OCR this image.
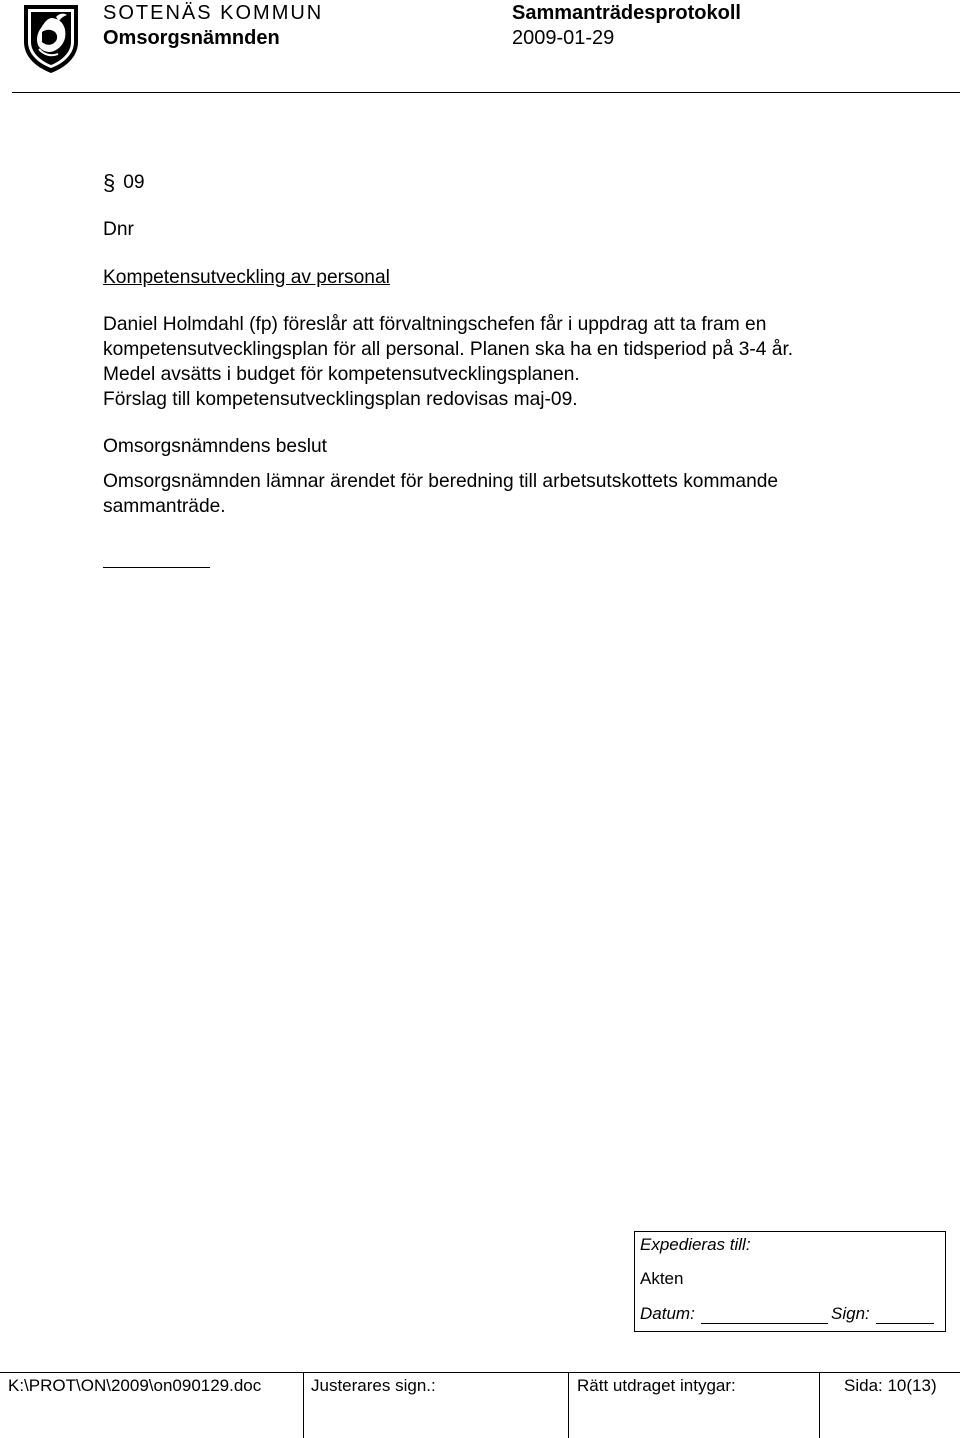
SOTENÄS KOMMUN
Omsorgsnämnden
Sammanträdesprotokoll
2009-01-29
§ 09
Dnr
Kompetensutveckling av personal
Daniel Holmdahl (fp) föreslår att förvaltningschefen får i uppdrag att ta fram en
kompetensutvecklingsplan för all personal. Planen ska ha en tidsperiod på 3-4 år.
Medel avsätts i budget för kompetensutvecklingsplanen.
Förslag till kompetensutvecklingsplan redovisas maj-09.
Omsorgsnämndens beslut
Omsorgsnämnden lämnar ärendet för beredning till arbetsutskottets kommande
sammanträde.
Expedieras till:
Akten
Datum:	Sign:
K:\PROT\ON\2009\on090129.doc	Justerares sign.:	Rätt utdraget intygar:	Sida: 10(13)
